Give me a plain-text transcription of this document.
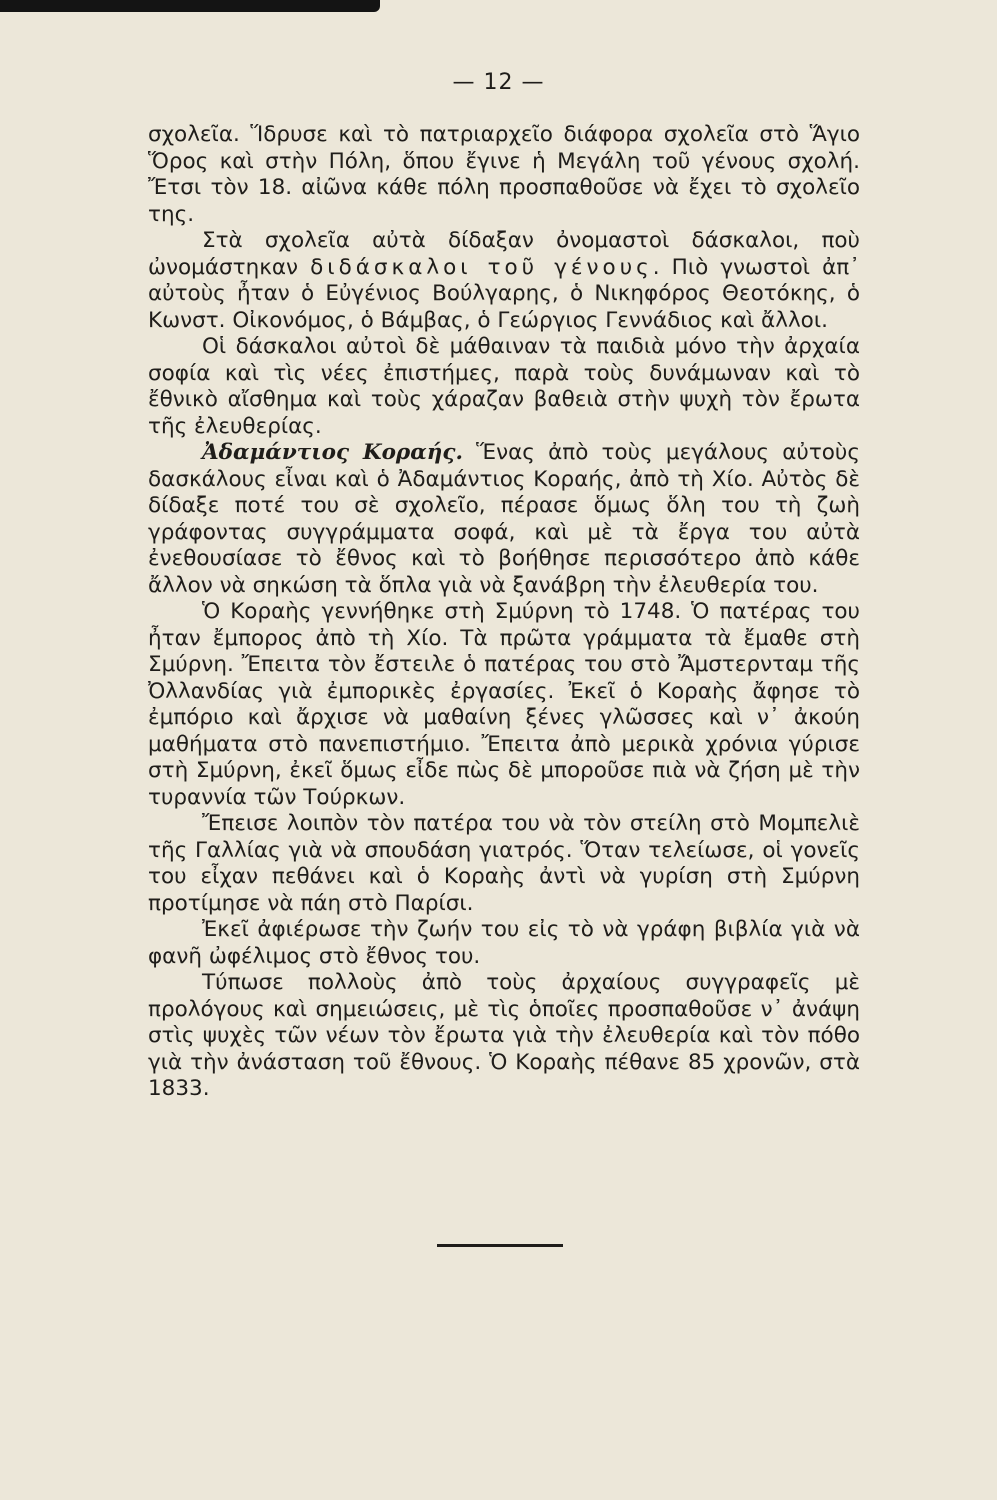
— 12 —

σχολεῖα. Ἵδρυσε καὶ τὸ πατριαρχεῖο διάφορα σχολεῖα στὸ Ἅγιο Ὅρος καὶ στὴν Πόλη, ὅπου ἔγινε ἡ Μεγάλη τοῦ γένους σχολή. Ἔτσι τὸν 18. αἰῶνα κάθε πόλη προσπαθοῦσε νὰ ἔχει τὸ σχολεῖο της.

Στὰ σχολεῖα αὐτὰ δίδαξαν ὀνομαστοὶ δάσκαλοι, ποὺ ὠνομάστηκαν διδάσκαλοι τοῦ γένους. Πιὸ γνωστοὶ ἀπ᾿ αὐτοὺς ἦταν ὁ Εὐγένιος Βούλγαρης, ὁ Νικηφόρος Θεοτόκης, ὁ Κωνστ. Οἰκονόμος, ὁ Βάμβας, ὁ Γεώργιος Γεννάδιος καὶ ἄλλοι.

Οἱ δάσκαλοι αὐτοὶ δὲ μάθαιναν τὰ παιδιὰ μόνο τὴν ἀρχαία σοφία καὶ τὶς νέες ἐπιστήμες, παρὰ τοὺς δυνάμωναν καὶ τὸ ἔθνικὸ αἴσθημα καὶ τοὺς χάραζαν βαθειὰ στὴν ψυχὴ τὸν ἔρωτα τῆς ἐλευθερίας.

Ἀδαμάντιος Κοραής. Ἕνας ἀπὸ τοὺς μεγάλους αὐτοὺς δασκάλους εἶναι καὶ ὁ Ἀδαμάντιος Κοραής, ἀπὸ τὴ Χίο. Αὐτὸς δὲ δίδαξε ποτέ του σὲ σχολεῖο, πέρασε ὅμως ὅλη του τὴ ζωὴ γράφοντας συγγράμματα σοφά, καὶ μὲ τὰ ἔργα του αὐτὰ ἐνεθουσίασε τὸ ἔθνος καὶ τὸ βοήθησε περισσότερο ἀπὸ κάθε ἄλλον νὰ σηκώση τὰ ὅπλα γιὰ νὰ ξανάβρη τὴν ἐλευθερία του.

Ὁ Κοραὴς γεννήθηκε στὴ Σμύρνη τὸ 1748. Ὁ πατέρας του ἦταν ἔμπορος ἀπὸ τὴ Χίο. Τὰ πρῶτα γράμματα τὰ ἔμαθε στὴ Σμύρνη. Ἔπειτα τὸν ἔστειλε ὁ πατέρας του στὸ Ἄμστερνταμ τῆς Ὀλλανδίας γιὰ ἐμπορικὲς ἐργασίες. Ἐκεῖ ὁ Κοραὴς ἄφησε τὸ ἐμπόριο καὶ ἄρχισε νὰ μαθαίνη ξένες γλῶσσες καὶ ν᾿ ἀκούη μαθήματα στὸ πανεπιστήμιο. Ἔπειτα ἀπὸ μερικὰ χρόνια γύρισε στὴ Σμύρνη, ἐκεῖ ὅμως εἶδε πὼς δὲ μποροῦσε πιὰ νὰ ζήση μὲ τὴν τυραννία τῶν Τούρκων.

Ἔπεισε λοιπὸν τὸν πατέρα του νὰ τὸν στείλη στὸ Μομπελιὲ τῆς Γαλλίας γιὰ νὰ σπουδάση γιατρός. Ὅταν τελείωσε, οἱ γονεῖς του εἶχαν πεθάνει καὶ ὁ Κοραὴς ἀντὶ νὰ γυρίση στὴ Σμύρνη προτίμησε νὰ πάη στὸ Παρίσι.

Ἐκεῖ ἀφιέρωσε τὴν ζωήν του εἰς τὸ νὰ γράφη βιβλία γιὰ νὰ φανῆ ὠφέλιμος στὸ ἔθνος του.

Τύπωσε πολλοὺς ἀπὸ τοὺς ἀρχαίους συγγραφεῖς μὲ προλόγους καὶ σημειώσεις, μὲ τὶς ὁποῖες προσπαθοῦσε ν᾿ ἀνάψη στὶς ψυχὲς τῶν νέων τὸν ἔρωτα γιὰ τὴν ἐλευθερία καὶ τὸν πόθο γιὰ τὴν ἀνάσταση τοῦ ἔθνους. Ὁ Κοραὴς πέθανε 85 χρονῶν, στὰ 1833.
